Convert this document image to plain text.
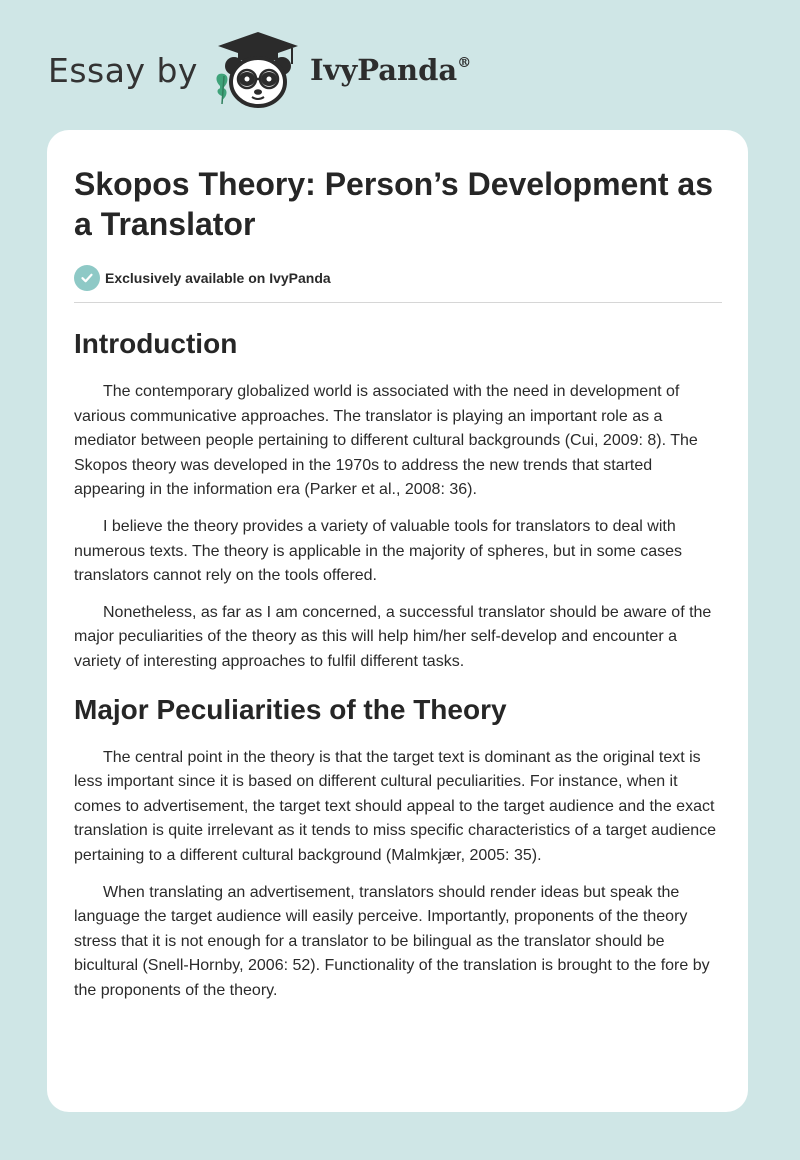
Essay by	IvyPanda®
Skopos Theory: Person’s Development as a Translator
Exclusively available on IvyPanda
Introduction

The contemporary globalized world is associated with the need in development of various communicative approaches. The translator is playing an important role as a mediator between people pertaining to different cultural backgrounds (Cui, 2009: 8). The Skopos theory was developed in the 1970s to address the new trends that started appearing in the information era (Parker et al., 2008: 36).

I believe the theory provides a variety of valuable tools for translators to deal with numerous texts. The theory is applicable in the majority of spheres, but in some cases translators cannot rely on the tools offered.

Nonetheless, as far as I am concerned, a successful translator should be aware of the major peculiarities of the theory as this will help him/her self-develop and encounter a variety of interesting approaches to fulfil different tasks.

Major Peculiarities of the Theory

The central point in the theory is that the target text is dominant as the original text is less important since it is based on different cultural peculiarities. For instance, when it comes to advertisement, the target text should appeal to the target audience and the exact translation is quite irrelevant as it tends to miss specific characteristics of a target audience pertaining to a different cultural background (Malmkjær, 2005: 35).

When translating an advertisement, translators should render ideas but speak the language the target audience will easily perceive. Importantly, proponents of the theory stress that it is not enough for a translator to be bilingual as the translator should be bicultural (Snell-Hornby, 2006: 52). Functionality of the translation is brought to the fore by the proponents of the theory.
